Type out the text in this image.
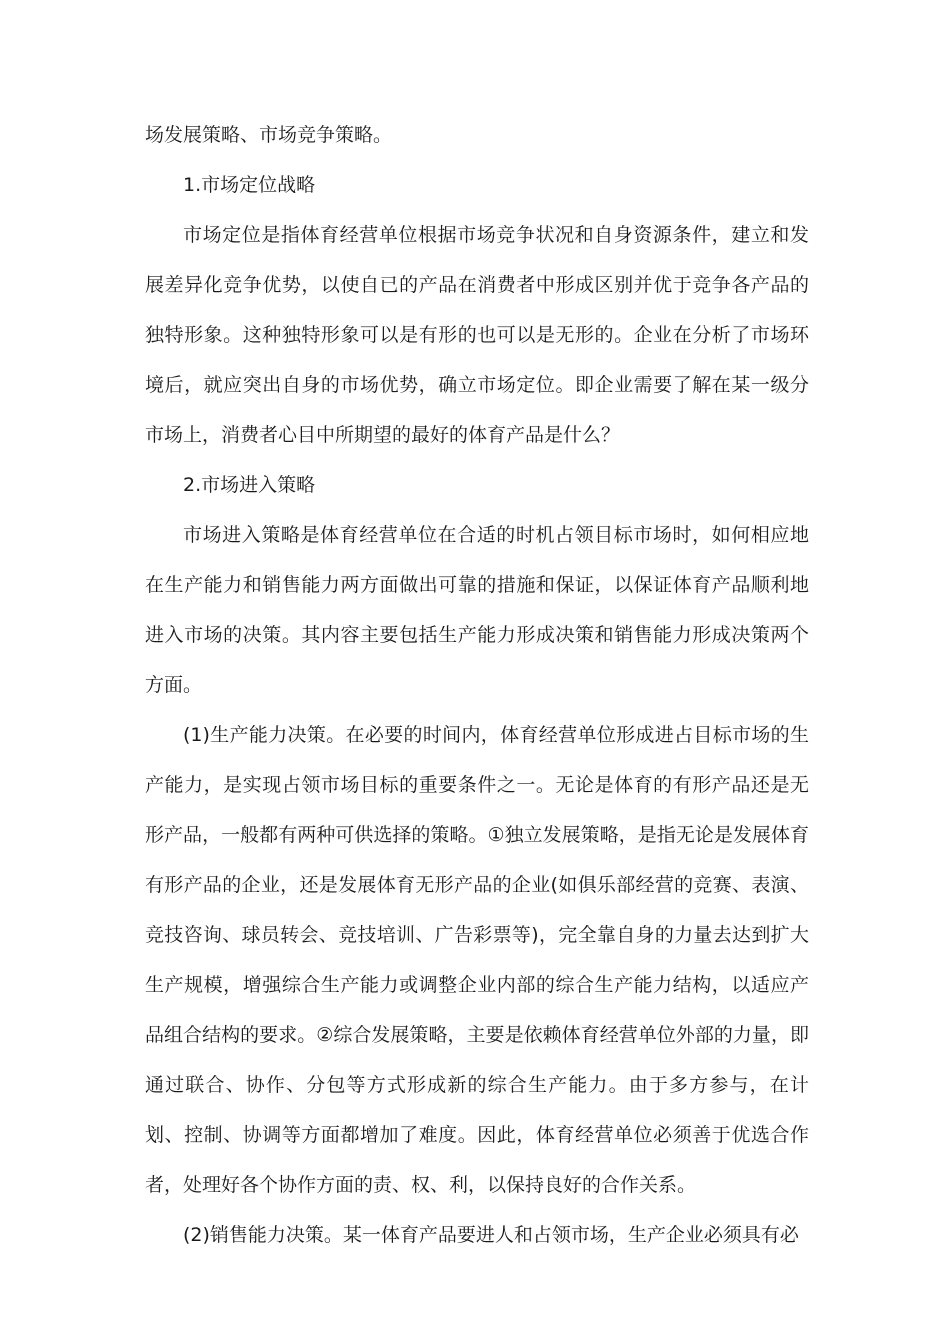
场发展策略、市场竞争策略。

1.市场定位战略

市场定位是指体育经营单位根据市场竞争状况和自身资源条件，建立和发展差异化竞争优势，以使自已的产品在消费者中形成区别并优于竞争各产品的独特形象。这种独特形象可以是有形的也可以是无形的。企业在分析了市场环境后，就应突出自身的市场优势，确立市场定位。即企业需要了解在某一级分市场上，消费者心目中所期望的最好的体育产品是什么？

2.市场进入策略

市场进入策略是体育经营单位在合适的时机占领目标市场时，如何相应地在生产能力和销售能力两方面做出可靠的措施和保证，以保证体育产品顺利地进入市场的决策。其内容主要包括生产能力形成决策和销售能力形成决策两个方面。

(1)生产能力决策。在必要的时间内，体育经营单位形成进占目标市场的生产能力，是实现占领市场目标的重要条件之一。无论是体育的有形产品还是无形产品，一般都有两种可供选择的策略。①独立发展策略，是指无论是发展体育有形产品的企业，还是发展体育无形产品的企业(如俱乐部经营的竞赛、表演、竞技咨询、球员转会、竞技培训、广告彩票等)，完全靠自身的力量去达到扩大生产规模，增强综合生产能力或调整企业内部的综合生产能力结构，以适应产品组合结构的要求。②综合发展策略，主要是依赖体育经营单位外部的力量，即通过联合、协作、分包等方式形成新的综合生产能力。由于多方参与，在计划、控制、协调等方面都增加了难度。因此，体育经营单位必须善于优选合作者，处理好各个协作方面的责、权、利，以保持良好的合作关系。

(2)销售能力决策。某一体育产品要进人和占领市场，生产企业必须具有必
